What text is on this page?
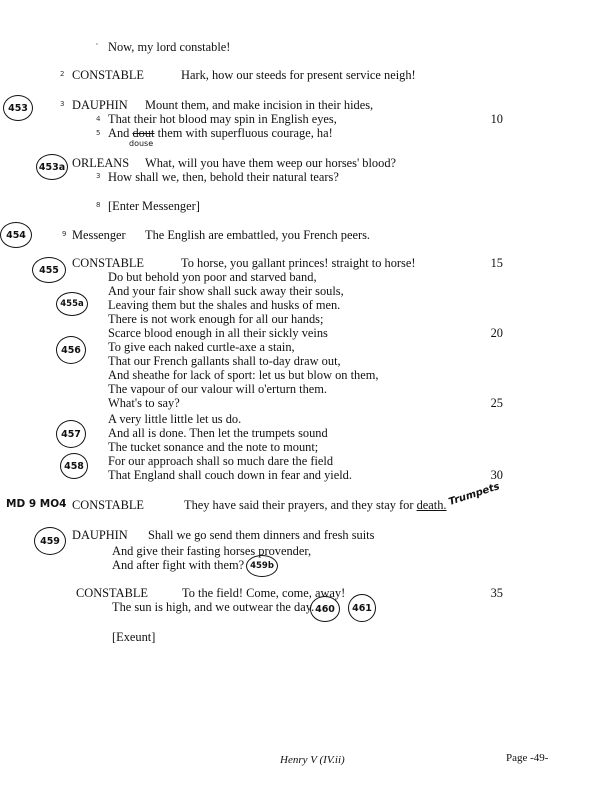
' Now, my lord constable!
2 CONSTABLE	Hark, how our steeds for present service neigh!
453	3 DAUPHIN Mount them, and make incision in their hides,
4 That their hot blood may spin in English eyes,	10
5 And dout them with superfluous courage, ha!
douse
453a ORLEANS What, will you have them weep our horses' blood?
3 How shall we, then, behold their natural tears?
8 [Enter Messenger]
454	9 Messenger The English are embattled, you French peers.
455 CONSTABLE	To horse, you gallant princes! straight to horse!	15
Do but behold yon poor and starved band,
And your fair show shall suck away their souls,
455a Leaving them but the shales and husks of men.
There is not work enough for all our hands;
Scarce blood enough in all their sickly veins	20
456 To give each naked curtle-axe a stain,
That our French gallants shall to-day draw out,
And sheathe for lack of sport: let us but blow on them,
The vapour of our valour will o'erturn them.
What's to say?	25
457
A very little little let us do.
And all is done. Then let the trumpets sound
The tucket sonance and the note to mount;
458 For our approach shall so much dare the field
That England shall couch down in fear and yield.	30
MD 9 MO4 CONSTABLE	They have said their prayers, and they stay for death. Trumpets
459 DAUPHIN Shall we go send them dinners and fresh suits
And give their fasting horses provender,
And after fight with them? 459b
CONSTABLE	To the field! Come, come, away!	35
The sun is high, and we outwear the day. 460 461
[Exeunt]
Henry V (IV.ii)	Page -49-
